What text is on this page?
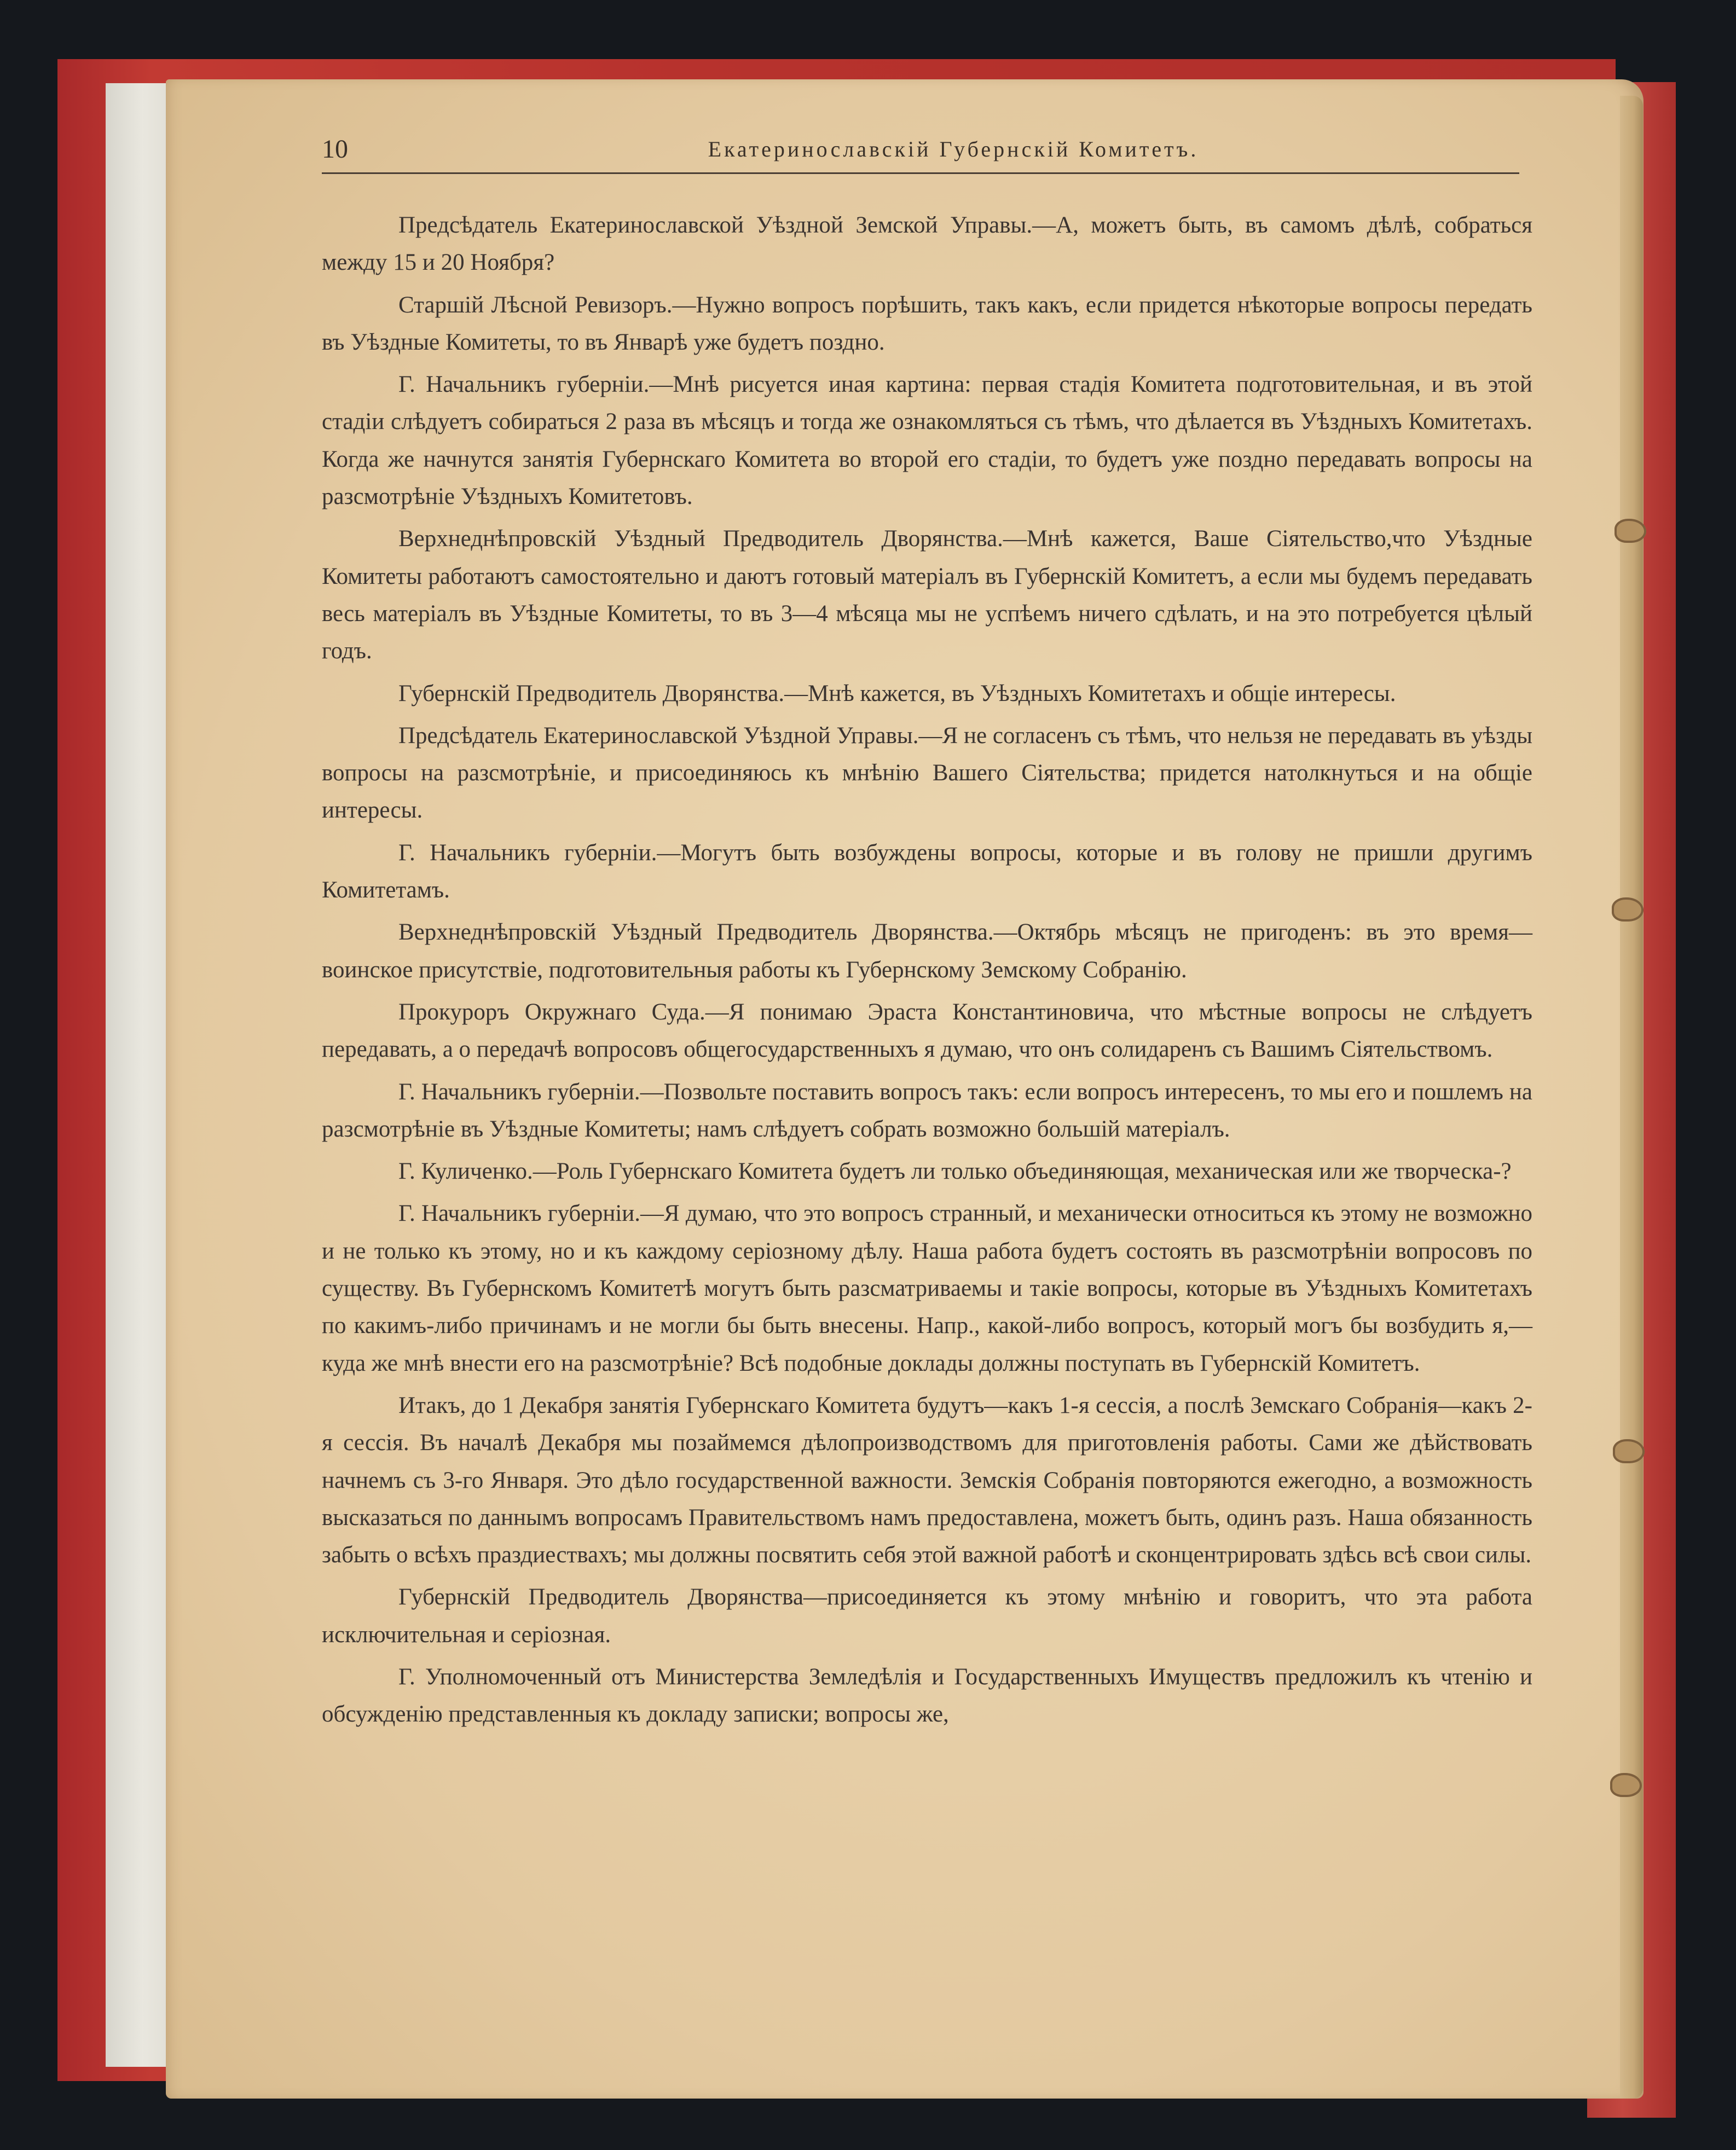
10	Екатеринославскій Губернскій Комитетъ.

Предсѣдатель Екатеринославской Уѣздной Земской Управы.—А, можетъ быть, въ самомъ дѣлѣ, собраться между 15 и 20 Ноября?

Старшій Лѣсной Ревизоръ.—Нужно вопросъ порѣшить, такъ какъ, если придется нѣкоторые вопросы передать въ Уѣздные Комитеты, то въ Январѣ уже будетъ поздно.

Г. Начальникъ губерніи.—Мнѣ рисуется иная картина: первая стадія Комитета подготовительная, и въ этой стадіи слѣдуетъ собираться 2 раза въ мѣсяцъ и тогда же ознакомляться съ тѣмъ, что дѣлается въ Уѣздныхъ Комитетахъ. Когда же начнутся занятія Губернскаго Комитета во второй его стадіи, то будетъ уже поздно передавать вопросы на разсмотрѣніе Уѣздныхъ Комитетовъ.

Верхнеднѣпровскій Уѣздный Предводитель Дворянства.—Мнѣ кажется, Ваше Сіятельство,что Уѣздные Комитеты работаютъ самостоятельно и даютъ готовый матеріалъ въ Губернскій Комитетъ, а если мы будемъ передавать весь матеріалъ въ Уѣздные Комитеты, то въ 3—4 мѣсяца мы не успѣемъ ничего сдѣлать, и на это потребуется цѣлый годъ.

Губернскій Предводитель Дворянства.—Мнѣ кажется, въ Уѣздныхъ Комитетахъ и общіе интересы.

Предсѣдатель Екатеринославской Уѣздной Управы.—Я не согласенъ съ тѣмъ, что нельзя не передавать въ уѣзды вопросы на разсмотрѣніе, и присоединяюсь къ мнѣнію Вашего Сіятельства; придется натолкнуться и на общіе интересы.

Г. Начальникъ губерніи.—Могутъ быть возбуждены вопросы, которые и въ голову не пришли другимъ Комитетамъ.

Верхнеднѣпровскій Уѣздный Предводитель Дворянства.—Октябрь мѣсяцъ не пригоденъ: въ это время—воинское присутствіе, подготовительныя работы къ Губернскому Земскому Собранію.

Прокуроръ Окружнаго Суда.—Я понимаю Эраста Константиновича, что мѣстные вопросы не слѣдуетъ передавать, а о передачѣ вопросовъ общегосударственныхъ я думаю, что онъ солидаренъ съ Вашимъ Сіятельствомъ.

Г. Начальникъ губерніи.—Позвольте поставить вопросъ такъ: если вопросъ интересенъ, то мы его и пошлемъ на разсмотрѣніе въ Уѣздные Комитеты; намъ слѣдуетъ собрать возможно большій матеріалъ.

Г. Куличенко.—Роль Губернскаго Комитета будетъ ли только объединяющая, механическая или же творческа-?

Г. Начальникъ губерніи.—Я думаю, что это вопросъ странный, и механически относиться къ этому не возможно и не только къ этому, но и къ каждому серіозному дѣлу. Наша работа будетъ состоять въ разсмотрѣніи вопросовъ по существу. Въ Губернскомъ Комитетѣ могутъ быть разсматриваемы и такіе вопросы, которые въ Уѣздныхъ Комитетахъ по какимъ-либо причинамъ и не могли бы быть внесены. Напр., какой-либо вопросъ, который могъ бы возбудить я,—куда же мнѣ внести его на разсмотрѣніе? Всѣ подобные доклады должны поступать въ Губернскій Комитетъ.

Итакъ, до 1 Декабря занятія Губернскаго Комитета будутъ—какъ 1-я сессія, а послѣ Земскаго Собранія—какъ 2-я сессія. Въ началѣ Декабря мы позаймемся дѣлопроизводствомъ для приготовленія работы. Сами же дѣйствовать начнемъ съ 3-го Января. Это дѣло государственной важности. Земскія Собранія повторяются ежегодно, а возможность высказаться по даннымъ вопросамъ Правительствомъ намъ предоставлена, можетъ быть, одинъ разъ. Наша обязанность забыть о всѣхъ праздиествахъ; мы должны посвятить себя этой важной работѣ и сконцентрировать здѣсь всѣ свои силы.

Губернскій Предводитель Дворянства—присоединяется къ этому мнѣнію и говоритъ, что эта работа исключительная и серіозная.

Г. Уполномоченный отъ Министерства Земледѣлія и Государственныхъ Имуществъ предложилъ къ чтенію и обсужденію представленныя къ докладу записки; вопросы же,
